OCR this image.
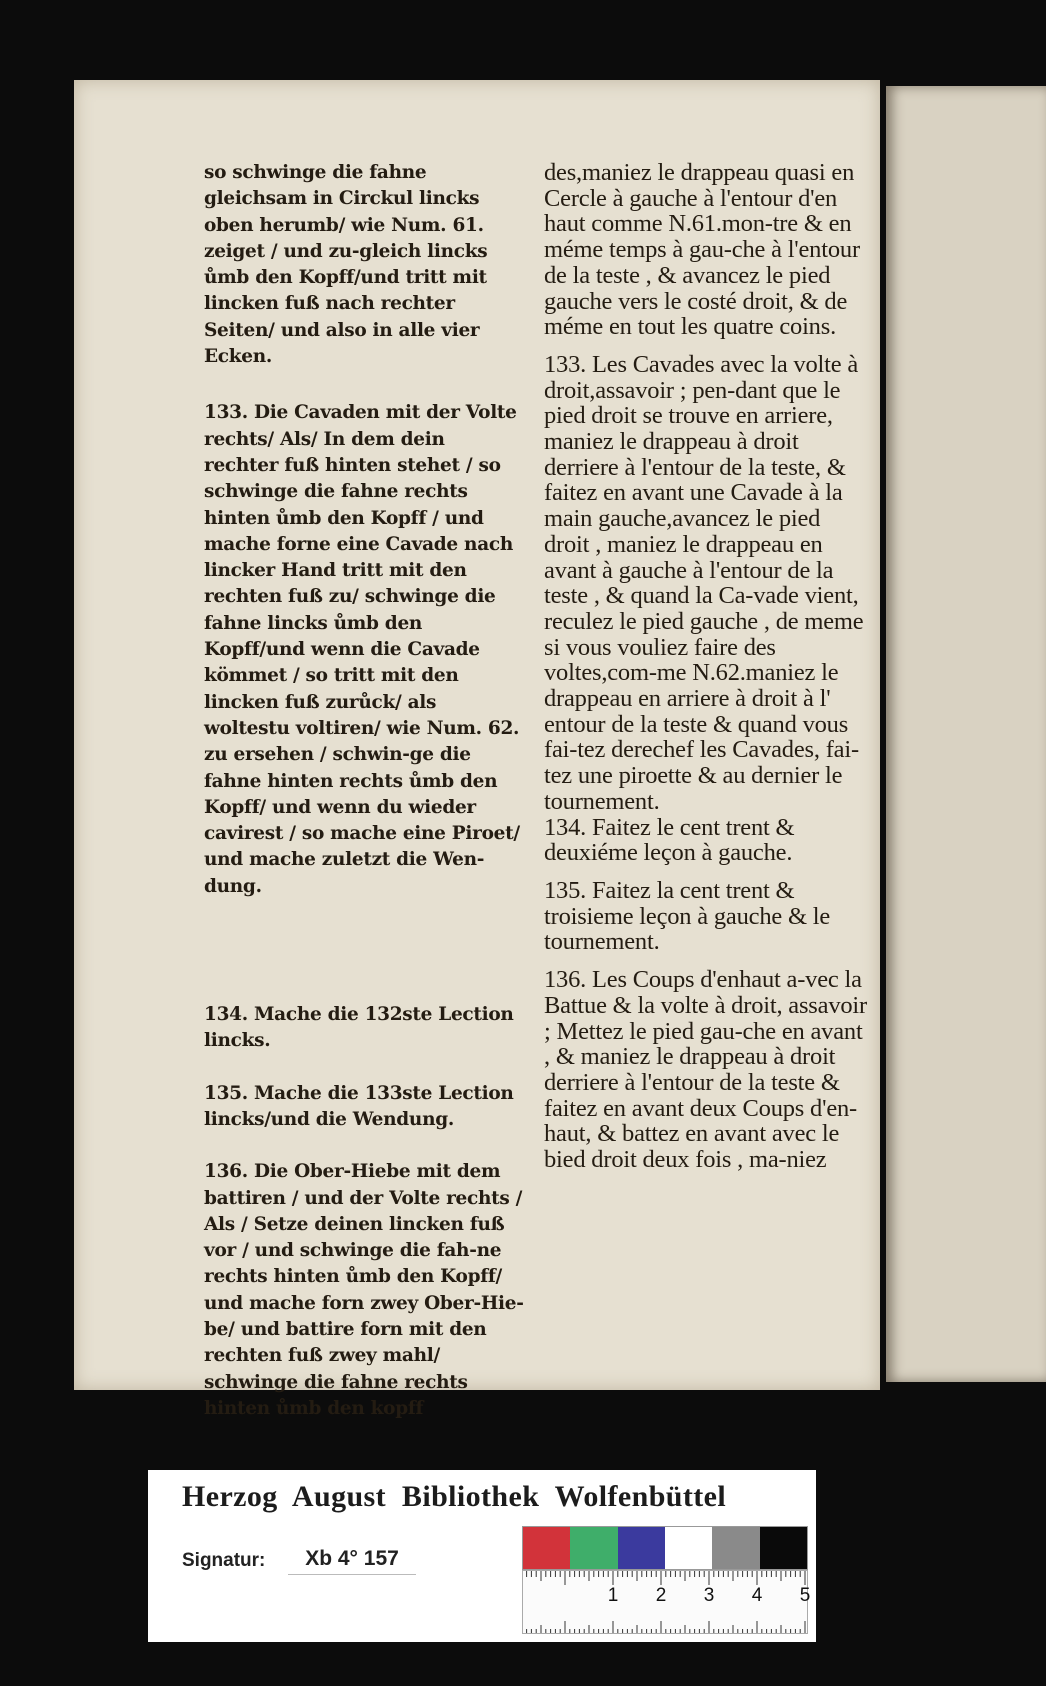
so schwinge die fahne gleichsam in Circkul lincks oben herumb/ wie Num. 61. zeiget / und zu-gleich lincks ůmb den Kopff/und tritt mit lincken fuß nach rechter Seiten/ und also in alle vier Ecken.

133. Die Cavaden mit der Volte rechts/ Als/ In dem dein rechter fuß hinten stehet / so schwinge die fahne rechts hinten ůmb den Kopff / und mache forne eine Cavade nach lincker Hand tritt mit den rechten fuß zu/ schwinge die fahne lincks ůmb den Kopff/und wenn die Cavade kömmet / so tritt mit den lincken fuß zurůck/ als woltestu voltiren/ wie Num. 62. zu ersehen / schwin-ge die fahne hinten rechts ůmb den Kopff/ und wenn du wieder cavirest / so mache eine Piroet/ und mache zuletzt die Wen-dung.

134. Mache die 132ste Lection lincks.

135. Mache die 133ste Lection lincks/und die Wendung.

136. Die Ober-Hiebe mit dem battiren / und der Volte rechts / Als / Setze deinen lincken fuß vor / und schwinge die fah-ne rechts hinten ůmb den Kopff/ und mache forn zwey Ober-Hie-be/ und battire forn mit den rechten fuß zwey mahl/ schwinge die fahne rechts hinten ůmb den kopff

des,maniez le drappeau quasi en Cercle à gauche à l'entour d'en haut comme N.61.mon-tre & en méme temps à gau-che à l'entour de la teste , & avancez le pied gauche vers le costé droit, & de méme en tout les quatre coins.

133. Les Cavades avec la volte à droit,assavoir ; pen-dant que le pied droit se trouve en arriere, maniez le drappeau à droit derriere à l'entour de la teste, & faitez en avant une Cavade à la main gauche,avancez le pied droit , maniez le drappeau en avant à gauche à l'entour de la teste , & quand la Ca-vade vient, reculez le pied gauche , de meme si vous vouliez faire des voltes,com-me N.62.maniez le drappeau en arriere à droit à l' entour de la teste & quand vous fai-tez derechef les Cavades, fai-tez une piroette & au dernier le tournement.

134. Faitez le cent trent & deuxiéme leçon à gauche.

135. Faitez la cent trent & troisieme leçon à gauche & le tournement.

136. Les Coups d'enhaut a-vec la Battue & la volte à droit, assavoir ; Mettez le pied gau-che en avant , & maniez le drappeau à droit derriere à l'entour de la teste & faitez en avant deux Coups d'en-haut, & battez en avant avec le bied droit deux fois , ma-niez

Herzog August Bibliothek Wolfenbüttel

Signatur:	Xb 4° 157
1 2 3 4 5
